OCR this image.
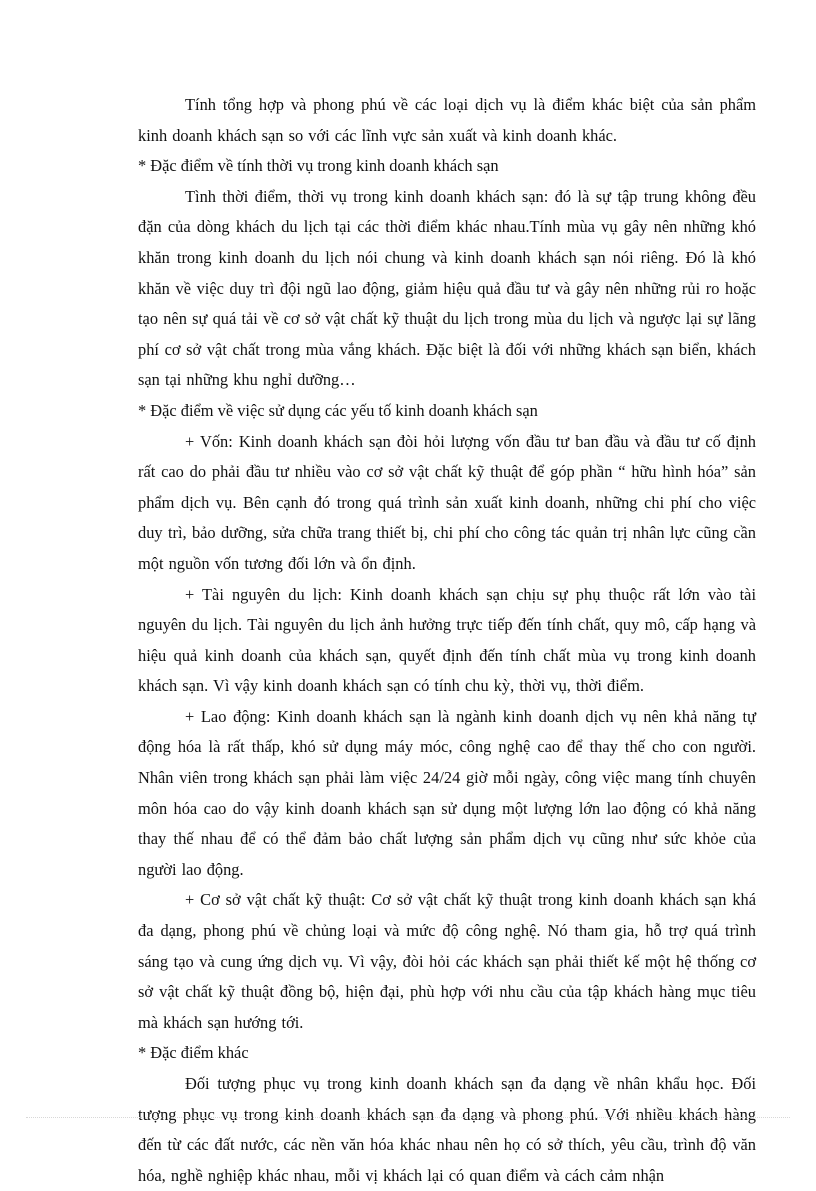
Tính tổng hợp và phong phú về các loại dịch vụ là điểm khác biệt của sản phẩm kinh doanh khách sạn so với các lĩnh vực sản xuất và kinh doanh khác.

* Đặc điểm về tính thời vụ trong kinh doanh khách sạn

Tình thời điểm, thời vụ trong kinh doanh khách sạn: đó là sự tập trung không đều đặn của dòng khách du lịch tại các thời điểm khác nhau.Tính mùa vụ gây nên những khó khăn trong kinh doanh du lịch nói chung và kinh doanh khách sạn nói riêng. Đó là khó khăn về việc duy trì đội ngũ lao động, giảm hiệu quả đầu tư và gây nên những rủi ro hoặc tạo nên sự quá tải về cơ sở vật chất kỹ thuật du lịch trong mùa du lịch và ngược lại sự lãng phí cơ sở vật chất trong mùa vắng khách. Đặc biệt là đối với những khách sạn biển, khách sạn tại những khu nghỉ dưỡng…

* Đặc điểm về việc sử dụng các yếu tố kinh doanh khách sạn

+ Vốn: Kinh doanh khách sạn đòi hỏi lượng vốn đầu tư ban đầu và đầu tư cố định rất cao do phải đầu tư nhiều vào cơ sở vật chất kỹ thuật để góp phần “ hữu hình hóa” sản phẩm dịch vụ. Bên cạnh đó trong quá trình sản xuất kinh doanh, những chi phí cho việc duy trì, bảo dưỡng, sửa chữa trang thiết bị, chi phí cho công tác quản trị nhân lực cũng cần một nguồn vốn tương đối lớn và ổn định.

+ Tài nguyên du lịch: Kinh doanh khách sạn chịu sự phụ thuộc rất lớn vào tài nguyên du lịch. Tài nguyên du lịch ảnh hưởng trực tiếp đến tính chất, quy mô, cấp hạng và hiệu quả kinh doanh của khách sạn, quyết định đến tính chất mùa vụ trong kinh doanh khách sạn. Vì vậy kinh doanh khách sạn có tính chu kỳ, thời vụ, thời điểm.

+ Lao động: Kinh doanh khách sạn là ngành kinh doanh dịch vụ nên khả năng tự động hóa là rất thấp, khó sử dụng máy móc, công nghệ cao để thay thế cho con người. Nhân viên trong khách sạn phải làm việc 24/24 giờ mỗi ngày, công việc mang tính chuyên môn hóa cao do vậy kinh doanh khách sạn sử dụng một lượng lớn lao động có khả năng thay thế nhau để có thể đảm bảo chất lượng sản phẩm dịch vụ cũng như sức khỏe của người lao động.

+ Cơ sở vật chất kỹ thuật: Cơ sở vật chất kỹ thuật trong kinh doanh khách sạn khá đa dạng, phong phú về chủng loại và mức độ công nghệ. Nó tham gia, hỗ trợ quá trình sáng tạo và cung ứng dịch vụ. Vì vậy, đòi hỏi các khách sạn phải thiết kế một hệ thống cơ sở vật chất kỹ thuật đồng bộ, hiện đại, phù hợp với nhu cầu của tập khách hàng mục tiêu mà khách sạn hướng tới.

* Đặc điểm khác

Đối tượng phục vụ trong kinh doanh khách sạn đa dạng về nhân khẩu học. Đối tượng phục vụ trong kinh doanh khách sạn đa dạng và phong phú. Với nhiều khách hàng đến từ các đất nước, các nền văn hóa khác nhau nên họ có sở thích, yêu cầu, trình độ văn hóa, nghề nghiệp khác nhau, mỗi vị khách lại có quan điểm và cách cảm nhận
